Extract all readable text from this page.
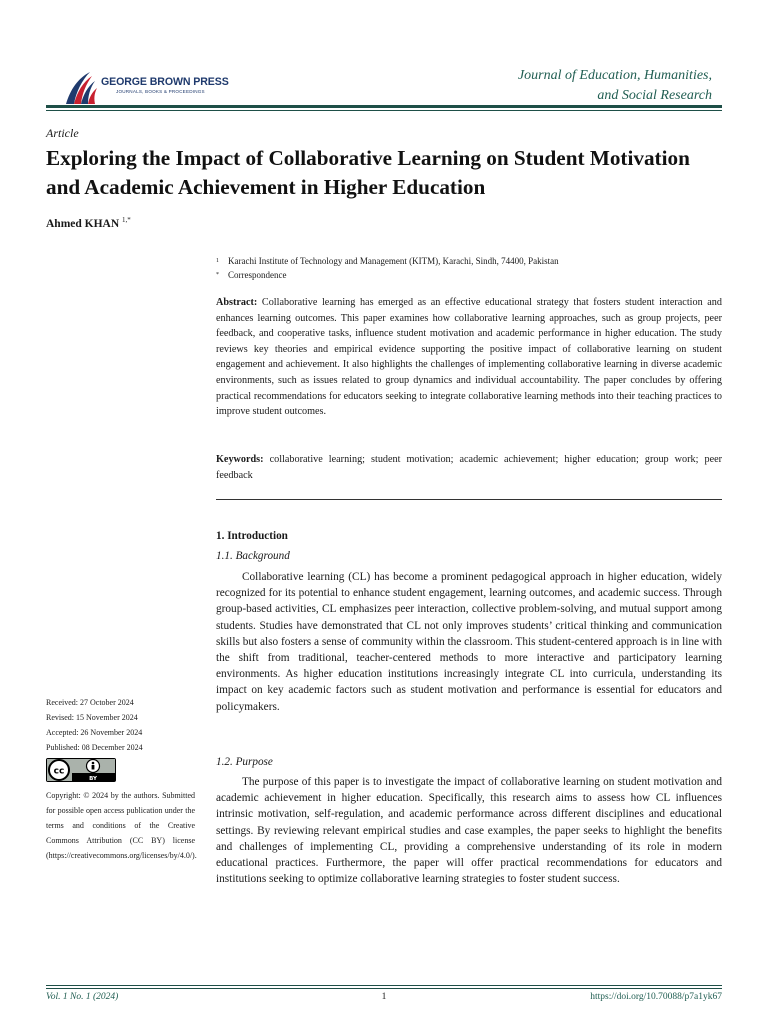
GEORGE BROWN PRESS
JOURNALS, BOOKS & PROCEEDINGS
Journal of Education, Humanities,
and Social Research
Article
Exploring the Impact of Collaborative Learning on Student Motivation and Academic Achievement in Higher Education
Ahmed KHAN $^{1,*}$
1 Karachi Institute of Technology and Management (KITM), Karachi, Sindh, 74400, Pakistan
* Correspondence
Abstract: Collaborative learning has emerged as an effective educational strategy that fosters student interaction and enhances learning outcomes. This paper examines how collaborative learning approaches, such as group projects, peer feedback, and cooperative tasks, influence student motivation and academic performance in higher education. The study reviews key theories and empirical evidence supporting the positive impact of collaborative learning on student engagement and achievement. It also highlights the challenges of implementing collaborative learning in diverse academic environments, such as issues related to group dynamics and individual accountability. The paper concludes by offering practical recommendations for educators seeking to integrate collaborative learning methods into their teaching practices to improve student outcomes.
Keywords: collaborative learning; student motivation; academic achievement; higher education; group work; peer feedback
1. Introduction
1.1. Background

Collaborative learning (CL) has become a prominent pedagogical approach in higher education, widely recognized for its potential to enhance student engagement, learning outcomes, and academic success. Through group-based activities, CL emphasizes peer interaction, collective problem-solving, and mutual support among students. Studies have demonstrated that CL not only improves students’ critical thinking and communication skills but also fosters a sense of community within the classroom. This student-centered approach is in line with the shift from traditional, teacher-centered methods to more interactive and participatory learning environments. As higher education institutions increasingly integrate CL into curricula, understanding its impact on key academic factors such as student motivation and performance is essential for educators and policymakers.

1.2. Purpose

The purpose of this paper is to investigate the impact of collaborative learning on student motivation and academic achievement in higher education. Specifically, this research aims to assess how CL influences intrinsic motivation, self-regulation, and academic performance across different disciplines and educational settings. By reviewing relevant empirical studies and case examples, the paper seeks to highlight the benefits and challenges of implementing CL, providing a comprehensive understanding of its role in modern educational practices. Furthermore, the paper will offer practical recommendations for educators and institutions seeking to optimize collaborative learning strategies to foster student success.

Received: 27 October 2024
Revised: 15 November 2024
Accepted: 26 November 2024
Published: 08 December 2024
cc
BY
Copyright: © 2024 by the authors. Submitted for possible open access publication under the terms and conditions of the Creative Commons Attribution (CC BY) license (https://creativecommons.org/licenses/by/4.0/).
Vol. 1 No. 1 (2024)	1	https://doi.org/10.70088/p7a1yk67
